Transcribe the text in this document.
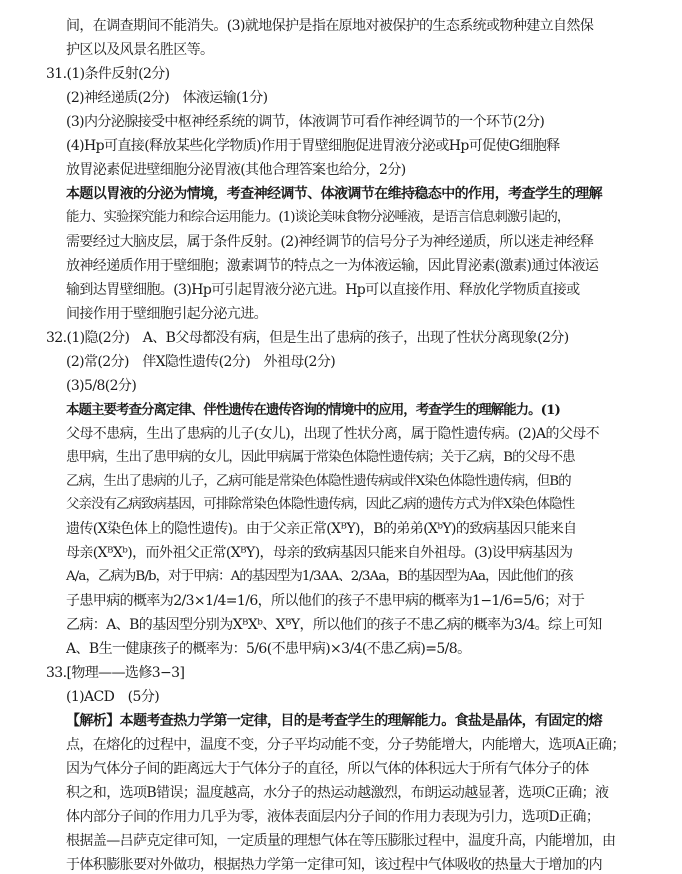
间，在调查期间不能消失。(3)就地保护是指在原地对被保护的生态系统或物种建立自然保
护区以及风景名胜区等。
31.(1)条件反射(2分)
(2)神经递质(2分)　体液运输(1分)
(3)内分泌腺接受中枢神经系统的调节，体液调节可看作神经调节的一个环节(2分)
(4)Hp可直接(释放某些化学物质)作用于胃壁细胞促进胃液分泌或Hp可促使G细胞释
放胃泌素促进壁细胞分泌胃液(其他合理答案也给分，2分)
本题以胃液的分泌为情境，考查神经调节、体液调节在维持稳态中的作用，考查学生的理解
能力、实验探究能力和综合运用能力。(1)谈论美味食物分泌唾液，是语言信息刺激引起的，
需要经过大脑皮层，属于条件反射。(2)神经调节的信号分子为神经递质，所以迷走神经释
放神经递质作用于壁细胞；激素调节的特点之一为体液运输，因此胃泌素(激素)通过体液运
输到达胃壁细胞。(3)Hp可引起胃液分泌亢进。Hp可以直接作用、释放化学物质直接或
间接作用于壁细胞引起分泌亢进。
32.(1)隐(2分)　A、B父母都没有病，但是生出了患病的孩子，出现了性状分离现象(2分)
(2)常(2分)　伴X隐性遗传(2分)　外祖母(2分)
(3)5/8(2分)
本题主要考查分离定律、伴性遗传在遗传咨询的情境中的应用，考查学生的理解能力。(1)
父母不患病，生出了患病的儿子(女儿)，出现了性状分离，属于隐性遗传病。(2)A的父母不
患甲病，生出了患甲病的女儿，因此甲病属于常染色体隐性遗传病；关于乙病，B的父母不患
乙病，生出了患病的儿子，乙病可能是常染色体隐性遗传病或伴X染色体隐性遗传病，但B的
父亲没有乙病致病基因，可排除常染色体隐性遗传病，因此乙病的遗传方式为伴X染色体隐性
遗传(X染色体上的隐性遗传)。由于父亲正常(XᴮY)，B的弟弟(XᵇY)的致病基因只能来自
母亲(XᴮXᵇ)，而外祖父正常(XᴮY)，母亲的致病基因只能来自外祖母。(3)设甲病基因为
A/a，乙病为B/b，对于甲病：A的基因型为1/3AA、2/3Aa，B的基因型为Aa，因此他们的孩
子患甲病的概率为2/3×1/4=1/6，所以他们的孩子不患甲病的概率为1−1/6=5/6；对于
乙病：A、B的基因型分别为XᴮXᵇ、XᴮY，所以他们的孩子不患乙病的概率为3/4。综上可知
A、B生一健康孩子的概率为：5/6(不患甲病)×3/4(不患乙病)=5/8。
33.[物理——选修3−3]
(1)ACD　(5分)
【解析】本题考查热力学第一定律，目的是考查学生的理解能力。食盐是晶体，有固定的熔
点，在熔化的过程中，温度不变，分子平均动能不变，分子势能增大，内能增大，选项A正确；
因为气体分子间的距离远大于气体分子的直径，所以气体的体积远大于所有气体分子的体
积之和，选项B错误；温度越高，水分子的热运动越激烈，布朗运动越显著，选项C正确；液
体内部分子间的作用力几乎为零，液体表面层内分子间的作用力表现为引力，选项D正确；
根据盖—吕萨克定律可知，一定质量的理想气体在等压膨胀过程中，温度升高，内能增加，由
于体积膨胀要对外做功，根据热力学第一定律可知，该过程中气体吸收的热量大于增加的内
